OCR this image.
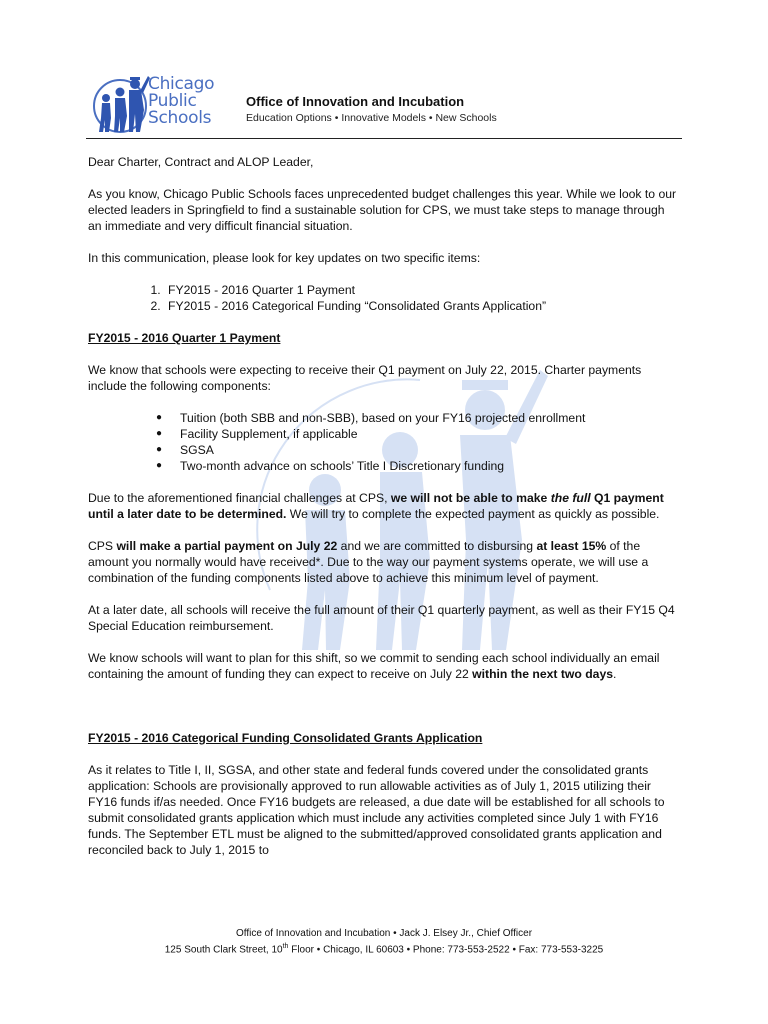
Chicago
Public
Schools
Office of Innovation and Incubation
Education Options • Innovative Models • New Schools

Dear Charter, Contract and ALOP Leader,

As you know, Chicago Public Schools faces unprecedented budget challenges this year. While we look to our elected leaders in Springfield to find a sustainable solution for CPS, we must take steps to manage through an immediate and very difficult financial situation.

In this communication, please look for key updates on two specific items:

1. FY2015 - 2016 Quarter 1 Payment
2. FY2015 - 2016 Categorical Funding “Consolidated Grants Application”

FY2015 - 2016 Quarter 1 Payment

We know that schools were expecting to receive their Q1 payment on July 22, 2015. Charter payments include the following components:

● Tuition (both SBB and non-SBB), based on your FY16 projected enrollment
● Facility Supplement, if applicable
● SGSA
● Two-month advance on schools’ Title I Discretionary funding

Due to the aforementioned financial challenges at CPS, we will not be able to make the full Q1 payment until a later date to be determined. We will try to complete the expected payment as quickly as possible.

CPS will make a partial payment on July 22 and we are committed to disbursing at least 15% of the amount you normally would have received*. Due to the way our payment systems operate, we will use a combination of the funding components listed above to achieve this minimum level of payment.

At a later date, all schools will receive the full amount of their Q1 quarterly payment, as well as their FY15 Q4 Special Education reimbursement.

We know schools will want to plan for this shift, so we commit to sending each school individually an email containing the amount of funding they can expect to receive on July 22 within the next two days.

FY2015 - 2016 Categorical Funding Consolidated Grants Application

As it relates to Title I, II, SGSA, and other state and federal funds covered under the consolidated grants application: Schools are provisionally approved to run allowable activities as of July 1, 2015 utilizing their FY16 funds if/as needed. Once FY16 budgets are released, a due date will be established for all schools to submit consolidated grants application which must include any activities completed since July 1 with FY16 funds. The September ETL must be aligned to the submitted/approved consolidated grants application and reconciled back to July 1, 2015 to

Office of Innovation and Incubation • Jack J. Elsey Jr., Chief Officer
125 South Clark Street, 10th Floor • Chicago, IL 60603 • Phone: 773-553-2522 • Fax: 773-553-3225
